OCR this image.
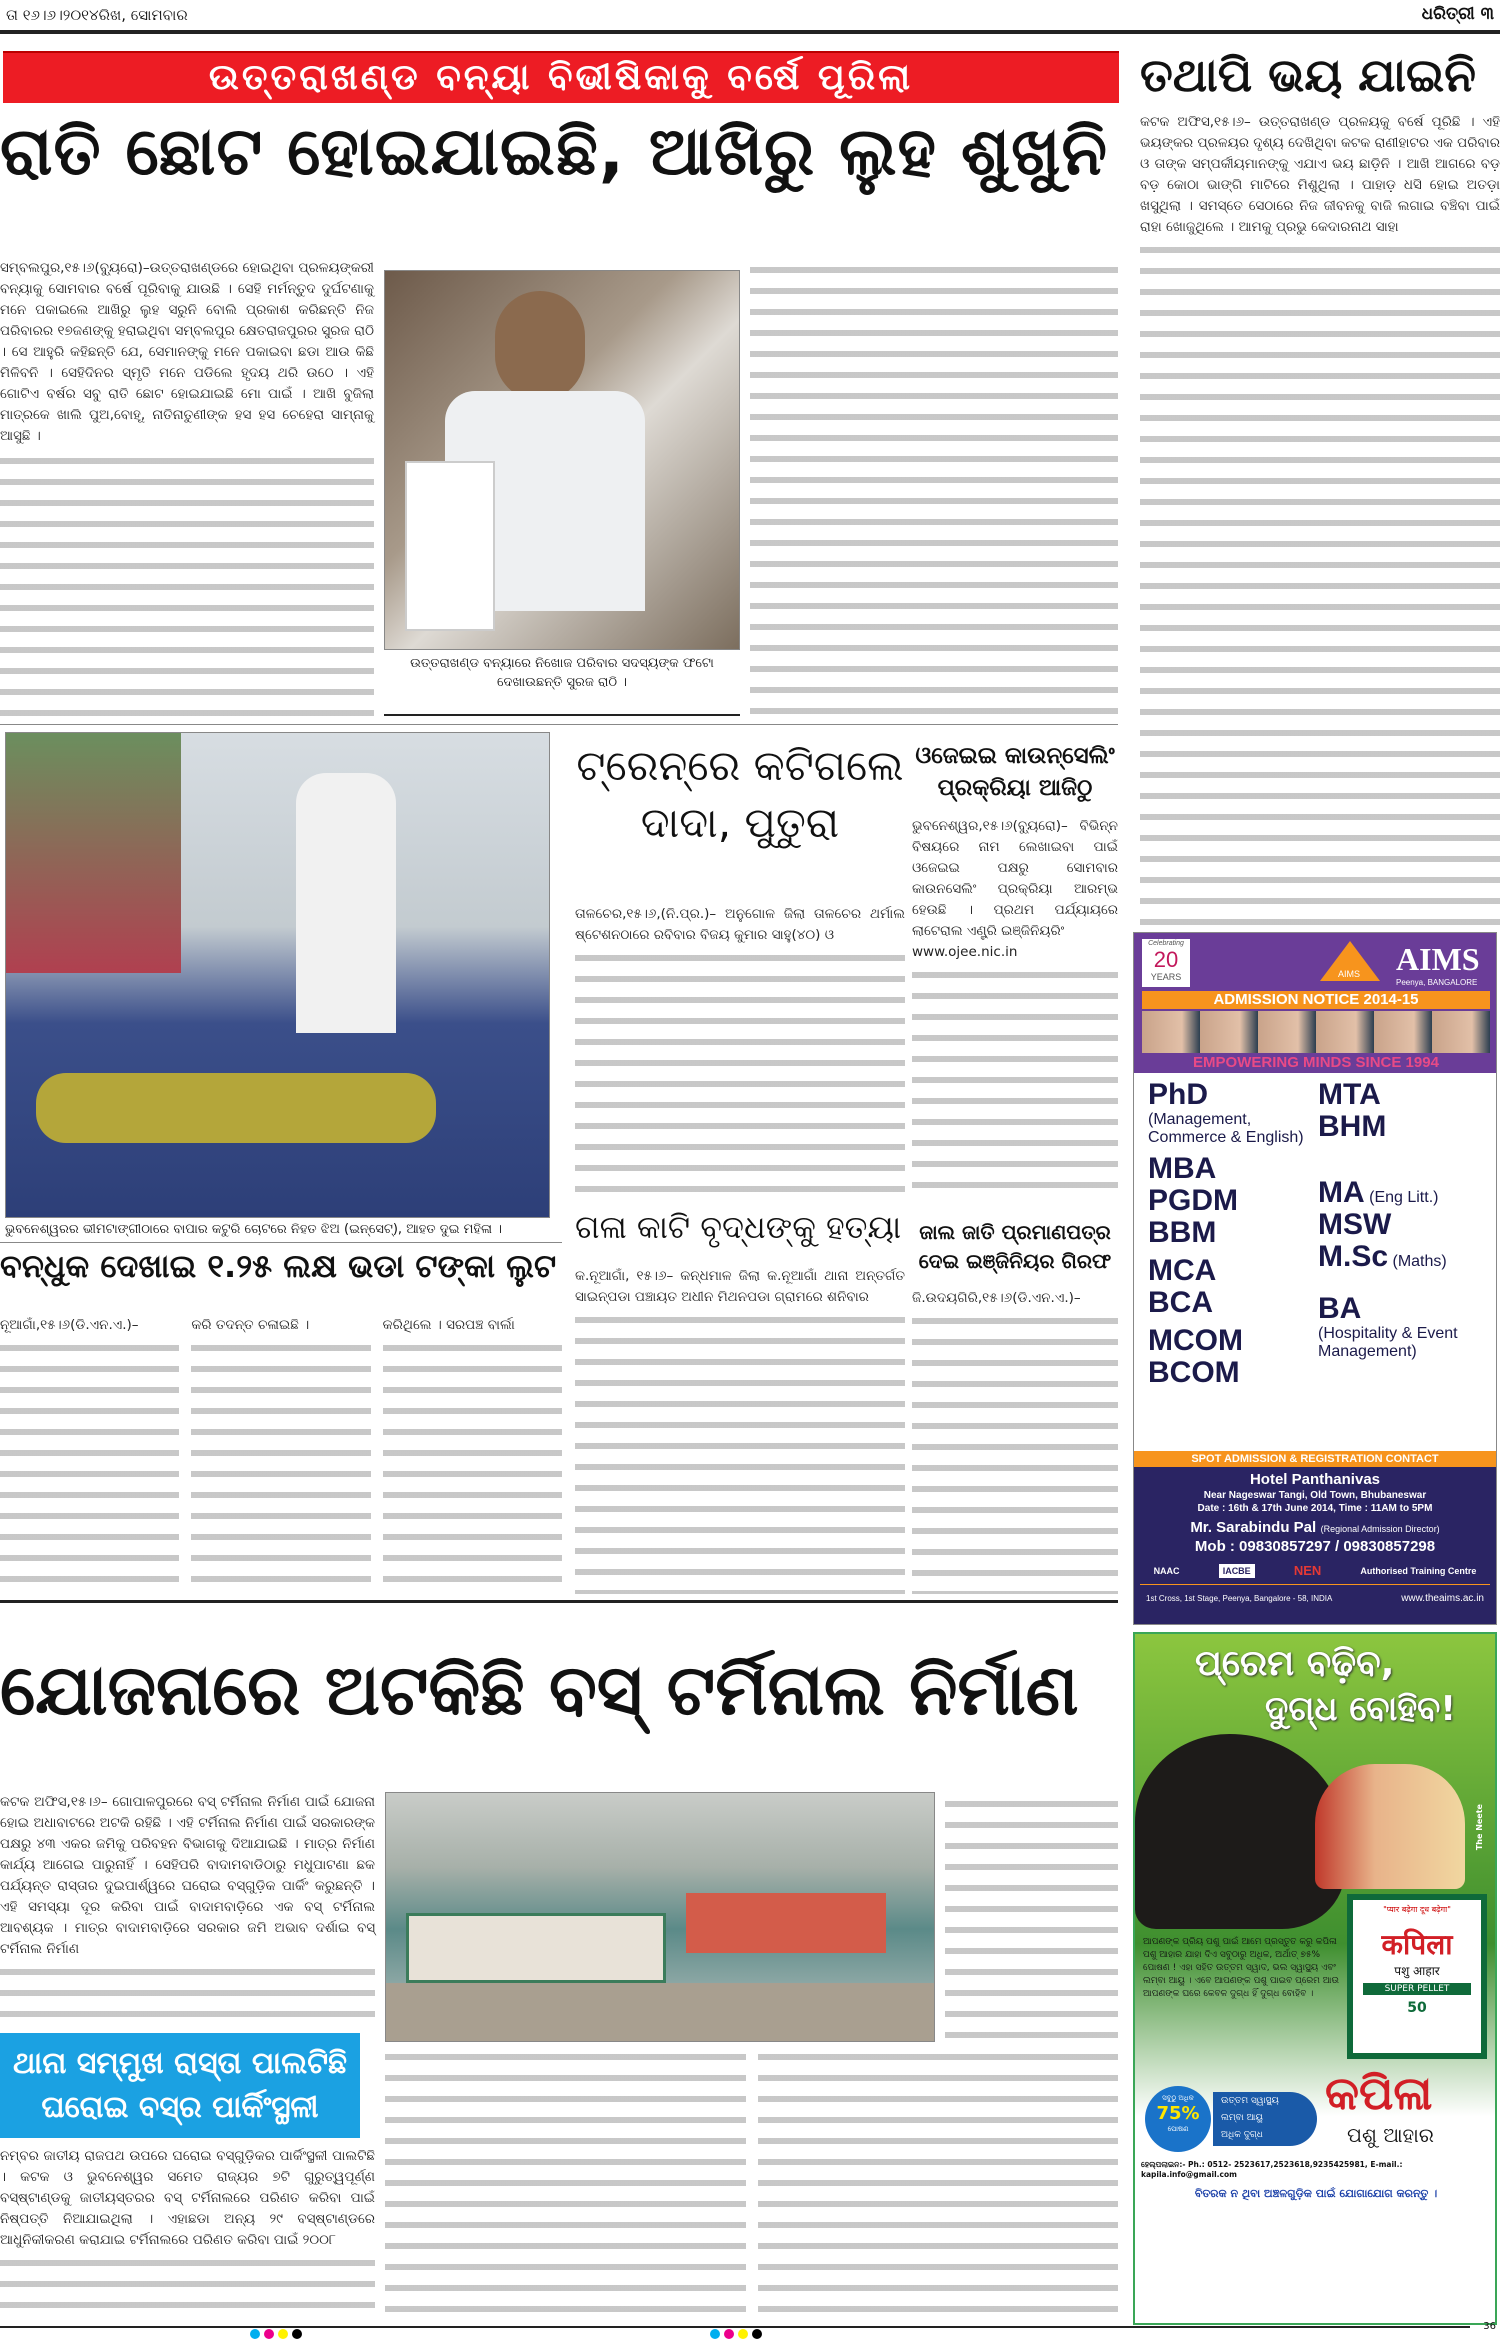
ତା ୧୬।୬।୨୦୧୪ରିଖ, ସୋମବାର	ଧରିତ୍ରୀ ୩
ଉତ୍ତରାଖଣ୍ଡ ବନ୍ୟା ବିଭୀଷିକାକୁ ବର୍ଷେ ପୂରିଲା	ତଥାପି ଭୟ ଯାଇନି
ରାତି ଛୋଟ ହୋଇଯାଇଛି, ଆଖିରୁ ଲୁହ ଶୁଖୁନି
ସମ୍ବଲପୁର,୧୫।୬(ବ୍ୟୁରୋ)–ଉତ୍ତରାଖଣ୍ଡରେ ହୋଇଥିବା ପ୍ରଳୟଙ୍କରୀ ବନ୍ୟାକୁ ସୋମବାର ବର୍ଷେ ପୂରିବାକୁ ଯାଉଛି । ସେହି ମର୍ମନ୍ତୁଦ ଦୁର୍ଘଟଣାକୁ ମନେ ପକାଇଲେ ଆଖିରୁ ଲୁହ ସରୁନି ବୋଲି ପ୍ରକାଶ କରିଛନ୍ତି ନିଜ ପରିବାରର ୧୭ଜଣଙ୍କୁ ହରାଇଥିବା ସମ୍ବଲପୁର କ୍ଷେତରାଜପୁରର ସୁରଜ ରାଠି । ସେ ଆହୁରି କହିଛନ୍ତି ଯେ, ସେମାନଙ୍କୁ ମନେ ପକାଇବା ଛଡା ଆଉ କିଛି ମିଳିବନି । ସେହିଦିନର ସ୍ମୃତି ମନେ ପଡିଲେ ହୃଦୟ ଥରି ଉଠେ । ଏହି ଗୋଟିଏ ବର୍ଷର ସବୁ ରାତି ଛୋଟ ହୋଇଯାଇଛି ମୋ ପାଇଁ । ଆଖି ବୁଜିଲା ମାତ୍ରକେ ଖାଲି ପୁଅ,ବୋହୂ, ନାତିନାତୁଣୀଙ୍କ ହସ ହସ ଚେହେରା ସାମ୍ନାକୁ ଆସୁଛି ।
ଉତ୍ତରାଖଣ୍ଡ ବନ୍ୟାରେ ନିଖୋଜ ପରିବାର ସଦସ୍ୟଙ୍କ ଫଟୋ ଦେଖାଉଛନ୍ତି ସୁରଜ ରାଠି ।
କଟକ ଅଫିସ,୧୫।୬– ଉତ୍ତରାଖଣ୍ଡ ପ୍ରଳୟକୁ ବର୍ଷେ ପୂରିଛି । ଏହି ଭୟଙ୍କର ପ୍ରଳୟର ଦୃଶ୍ୟ ଦେଖିଥିବା କଟକ ରାଣୀହାଟର ଏକ ପରିବାର ଓ ତାଙ୍କ ସମ୍ପର୍କୀୟମାନଙ୍କୁ ଏଯାଏ ଭୟ ଛାଡ଼ିନି । ଆଖି ଆଗରେ ବଡ଼ ବଡ଼ କୋଠା ଭାଙ୍ଗି ମାଟିରେ ମିଶୁଥିଲା । ପାହାଡ଼ ଧସି ହୋଇ ଅତଡ଼ା ଖସୁଥିଲା । ସମସ୍ତେ ସେଠାରେ ନିଜ ଜୀବନକୁ ବାଜି ଲଗାଇ ବଞ୍ଚିବା ପାଇଁ ରାହା ଖୋଜୁଥିଲେ । ଆମକୁ ପ୍ରଭୁ କେଦାରନାଥ ସାହା
ଭୁବନେଶ୍ୱରର ଭୀମଟାଙ୍ଗୀଠାରେ ବାପାର କଟୁରି ଚୋଟରେ ନିହତ ଝିଅ (ଇନ୍‌ସେଟ୍), ଆହତ ଦୁଇ ମହିଳା ।
ବନ୍ଧୁକ ଦେଖାଇ ୧.୨୫ ଲକ୍ଷ ଭଡା ଟଙ୍କା ଲୁଟ
ନୂଆଗାଁ,୧୫।୬(ଡି.ଏନ.ଏ.)–	କରି ତଦନ୍ତ ଚଳାଇଛି ।	କରିଥିଲେ । ସରପଞ୍ଚ ବାର୍ଲା
ଟ୍ରେନ୍‌ରେ କଟିଗଲେ ଦାଦା, ପୁତୁରା
ତାଳଚେର,୧୫।୬,(ନି.ପ୍ର.)– ଅନୁଗୋଳ ଜିଲା ତାଳଚେର ଥର୍ମାଲ ଷ୍ଟେଶନଠାରେ ରବିବାର ବିଜୟ କୁମାର ସାହୁ(୪୦) ଓ
ଓଜେଇଇ କାଉନ୍‌ସେଲିଂ ପ୍ରକ୍ରିୟା ଆଜିଠୁ
ଭୁବନେଶ୍ୱର,୧୫।୬(ବ୍ୟୁରୋ)– ବିଭିନ୍ନ ବିଷୟରେ ନାମ ଲେଖାଇବା ପାଇଁ ଓଜେଇଇ ପକ୍ଷରୁ ସୋମବାର କାଉନସେଲିଂ ପ୍ରକ୍ରିୟା ଆରମ୍ଭ ହେଉଛି । ପ୍ରଥମ ପର୍ଯ୍ୟାୟରେ ଲାଟେରାଲ ଏଣ୍ଟ୍ରି ଇଞ୍ଜିନିୟରିଂ
www.ojee.nic.in
ଗଳା କାଟି ବୃଦ୍ଧଙ୍କୁ ହତ୍ୟା
କ.ନୂଆଗାଁ, ୧୫।୬– କନ୍ଧମାଳ ଜିଲା କ.ନୂଆଗାଁ ଥାନା ଅନ୍ତର୍ଗତ ସାଇନ୍‌ପଡା ପଞ୍ଚାୟତ ଅଧୀନ ମିଥନପଡା ଗ୍ରାମରେ ଶନିବାର
ଜାଲ ଜାତି ପ୍ରମାଣପତ୍ର ଦେଇ ଇଞ୍ଜିନିୟର ଗିରଫ
ଜି.ଉଦୟଗିରି,୧୫।୬(ଡି.ଏନ.ଏ.)–
Celebrating
20
YEARS	AIMS AIMS
Peenya, BANGALORE
ADMISSION NOTICE 2014-15
EMPOWERING MINDS SINCE 1994
PhD
(Management, Commerce & English)
MBA
PGDM
BBM
MCA
BCA
MCOM
BCOM
MTA
BHM
MA (Eng Litt.)
MSW
M.Sc (Maths)
BA
(Hospitality & Event Management)
SPOT ADMISSION & REGISTRATION CONTACT
Hotel Panthanivas
Near Nageswar Tangi, Old Town, Bhubaneswar
Date : 16th & 17th June 2014, Time : 11AM to 5PM
Mr. Sarabindu Pal (Regional Admission Director)
Mob : 09830857297 / 09830857298
NAAC	IACBE	NEN	Authorised Training Centre
1st Cross, 1st Stage, Peenya, Bangalore - 58, INDIA	www.theaims.ac.in
ଯୋଜନାରେ ଅଟକିଛି ବସ୍ ଟର୍ମିନାଲ ନିର୍ମାଣ
କଟକ ଅଫିସ,୧୫।୬– ଗୋପାଳପୁରରେ ବସ୍ ଟର୍ମିନାଲ ନିର୍ମାଣ ପାଇଁ ଯୋଜନା ହୋଇ ଅଧାବାଟରେ ଅଟକି ରହିଛି । ଏହି ଟର୍ମିନାଲ ନିର୍ମାଣ ପାଇଁ ସରକାରଙ୍କ ପକ୍ଷରୁ ୪୩ ଏକର ଜମିକୁ ପରିବହନ ବିଭାଗକୁ ଦିଆଯାଇଛି । ମାତ୍ର ନିର୍ମାଣ କାର୍ଯ୍ୟ ଆଗେଇ ପାରୁନାହିଁ । ସେହିପରି ବାଦାମବାଡିଠାରୁ ମଧୁପାଟଣା ଛକ ପର୍ଯ୍ୟନ୍ତ ରାସ୍ତାର ଦୁଇପାର୍ଶ୍ୱରେ ଘରୋଇ ବସ୍‌ଗୁଡ଼ିକ ପାର୍କିଂ କରୁଛନ୍ତି । ଏହି ସମସ୍ୟା ଦୂର କରିବା ପାଇଁ ବାଦାମବାଡ଼ିରେ ଏକ ବସ୍ ଟର୍ମିନାଲ ଆବଶ୍ୟକ । ମାତ୍ର ବାଦାମବାଡ଼ିରେ ସରକାର ଜମି ଅଭାବ ଦର୍ଶାଇ ବସ୍ ଟର୍ମିନାଲ ନିର୍ମାଣ
ଥାନା ସମ୍ମୁଖ ରାସ୍ତା ପାଲଟିଛି ଘରୋଇ ବସ୍‌ର ପାର୍କିଂସ୍ଥଳୀ
ନମ୍ବର ଜାତୀୟ ରାଜପଥ ଉପରେ ଘରୋଇ ବସ୍‌ଗୁଡ଼ିକର ପାର୍କିଂସ୍ଥଳୀ ପାଲଟିଛି । କଟକ ଓ ଭୁବନେଶ୍ୱର ସମେତ ରାଜ୍ୟର ୭ଟି ଗୁରୁତ୍ୱପୂର୍ଣ୍ଣ ବସ୍‌ଷ୍ଟାଣ୍ଡକୁ ଜାତୀୟସ୍ତରର ବସ୍ ଟର୍ମିନାଲରେ ପରିଣତ କରିବା ପାଇଁ ନିଷ୍ପତ୍ତି ନିଆଯାଇଥିଲା । ଏହାଛଡା ଅନ୍ୟ ୨୯ ବସ୍‌ଷ୍ଟାଣ୍ଡରେ ଆଧୁନିକୀକରଣ କରାଯାଇ ଟର୍ମିନାଲରେ ପରିଣତ କରିବା ପାଇଁ ୨୦୦୮
ପ୍ରେମ ବଢ଼ିବ,
ଦୁଗ୍ଧ ବୋହିବ!
The Neete
"प्यार बढ़ेगा दूध बढ़ेगा"
कपिला
पशु आहार
SUPER PELLET
50
ଆପଣଙ୍କ ପ୍ରିୟ ପଶୁ ପାଇଁ ଆମେ ପ୍ରସ୍ତୁତ କରୁ କପିଳା ପଶୁ ଆହାର ଯାହା ଦିଏ ସବୁଠାରୁ ଅଧିକ, ଅର୍ଥାତ୍ ୭୫% ପୋଷଣ ! ଏହା ସହିତ ଉତ୍ତମ ସ୍ୱାଦ, ଭଲ ସ୍ୱାସ୍ଥ୍ୟ ଏବଂ ଲମ୍ବା ଆୟୁ । ଏବେ ଆପଣଙ୍କ ପଶୁ ପାଇବ ପ୍ରେମ ଆଉ ଆପଣଙ୍କ ଘରେ କେବଳ ଦୁଗ୍ଧ ହିଁ ଦୁଗ୍ଧ ବୋହିବ ।
ସବୁଠୁ ଅଧିକ
75%
ପୋଷଣ
ଉତ୍ତମ ସ୍ୱାସ୍ଥ୍ୟ
ଲମ୍ବା ଆୟୁ
ଅଧିକ ଦୁଗ୍ଧ
କପିଳା
ପଶୁ ଆହାର
ହେଲ୍ପଲାଇନ:- Ph.: 0512- 2523617,2523618,9235425981, E-mail.: kapila.info@gmail.com
ବିତରକ ନ ଥିବା ଅଞ୍ଚଳଗୁଡ଼ିକ ପାଇଁ ଯୋଗାଯୋଗ କରନ୍ତୁ ।
36
